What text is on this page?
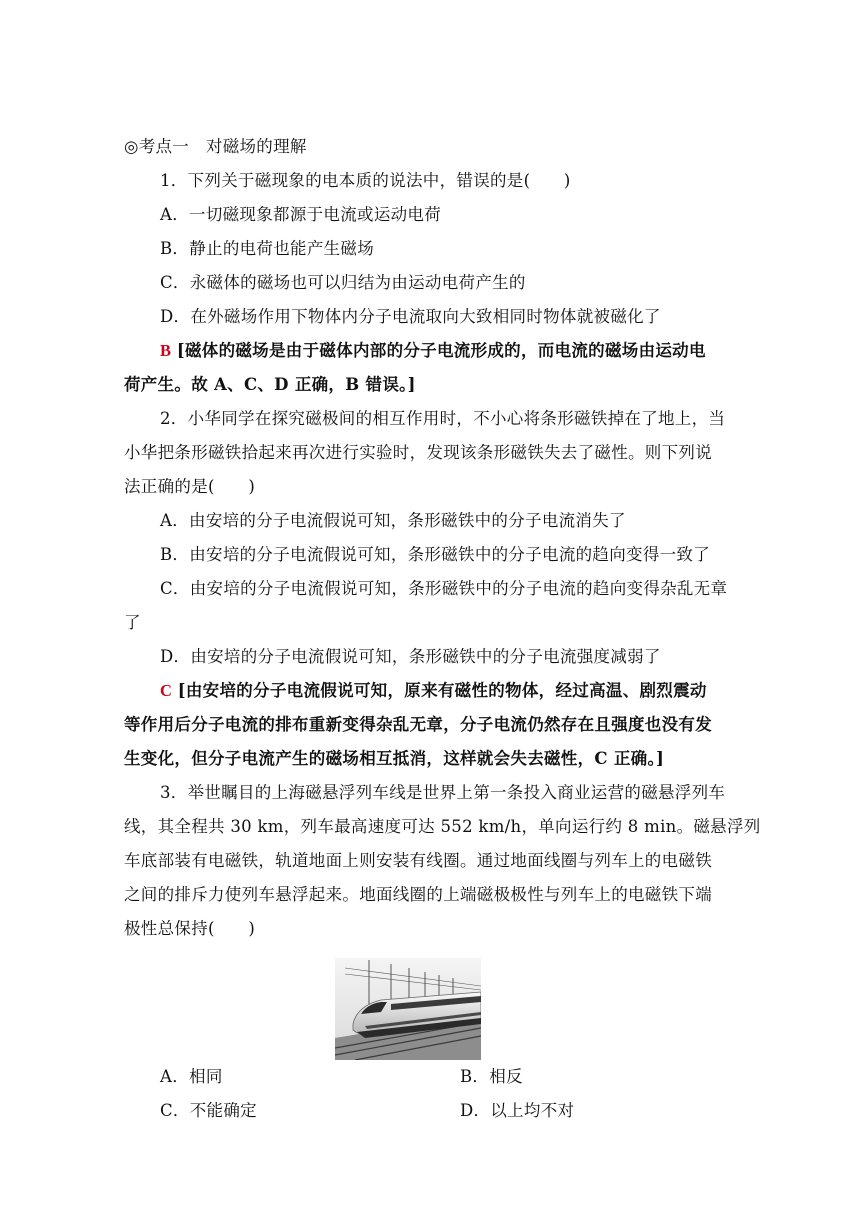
◎考点一　对磁场的理解
1．下列关于磁现象的电本质的说法中，错误的是(　　)
A．一切磁现象都源于电流或运动电荷
B．静止的电荷也能产生磁场
C．永磁体的磁场也可以归结为由运动电荷产生的
D．在外磁场作用下物体内分子电流取向大致相同时物体就被磁化了
B [磁体的磁场是由于磁体内部的分子电流形成的，而电流的磁场由运动电
荷产生。故 A、C、D 正确，B 错误。]
2．小华同学在探究磁极间的相互作用时，不小心将条形磁铁掉在了地上，当
小华把条形磁铁拾起来再次进行实验时，发现该条形磁铁失去了磁性。则下列说
法正确的是(　　)
A．由安培的分子电流假说可知，条形磁铁中的分子电流消失了
B．由安培的分子电流假说可知，条形磁铁中的分子电流的趋向变得一致了
C．由安培的分子电流假说可知，条形磁铁中的分子电流的趋向变得杂乱无章
了
D．由安培的分子电流假说可知，条形磁铁中的分子电流强度减弱了
C [由安培的分子电流假说可知，原来有磁性的物体，经过高温、剧烈震动
等作用后分子电流的排布重新变得杂乱无章，分子电流仍然存在且强度也没有发
生变化，但分子电流产生的磁场相互抵消，这样就会失去磁性，C 正确。]
3．举世瞩目的上海磁悬浮列车线是世界上第一条投入商业运营的磁悬浮列车
线，其全程共 30 km，列车最高速度可达 552 km/h，单向运行约 8 min。磁悬浮列
车底部装有电磁铁，轨道地面上则安装有线圈。通过地面线圈与列车上的电磁铁
之间的排斥力使列车悬浮起来。地面线圈的上端磁极极性与列车上的电磁铁下端
极性总保持(　　)
A．相同	B．相反
C．不能确定	D．以上均不对
